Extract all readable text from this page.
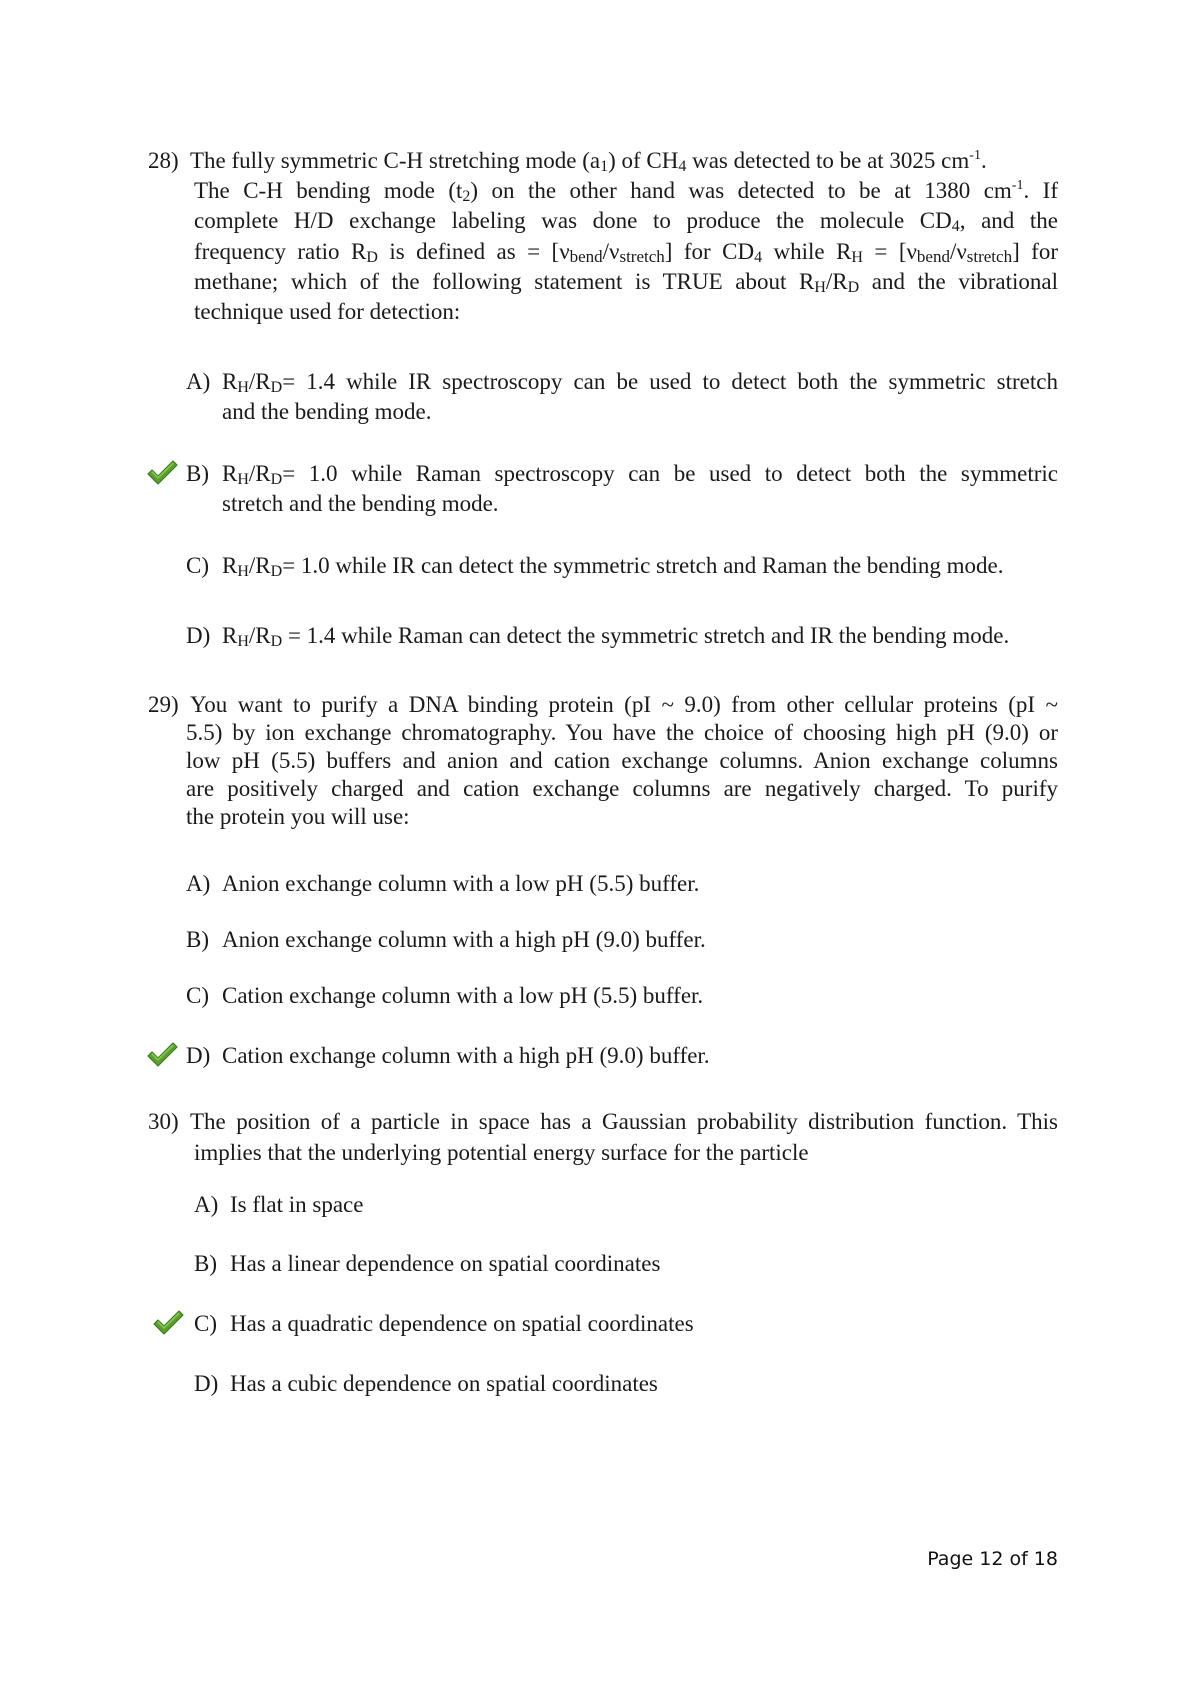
28) The fully symmetric C-H stretching mode $(a_1)$ of $CH_4$ was detected to be at 3025 $cm^{-1}$.
The C-H bending mode $(t_2)$ on the other hand was detected to be at 1380 $cm^{-1}$. If
complete H/D exchange labeling was done to produce the molecule $CD_4$, and the
frequency ratio $R_D$ is defined as = $[\nu_{bend}/\nu_{stretch}]$ for $CD_4$ while $R_H = [\nu_{bend}/\nu_{stretch}]$ for
methane; which of the following statement is TRUE about $R_H/R_D$ and the vibrational
technique used for detection:
A) $R_H/R_D= 1.4$ while IR spectroscopy can be used to detect both the symmetric stretch
and the bending mode.
B) $R_H/R_D= 1.0$ while Raman spectroscopy can be used to detect both the symmetric
stretch and the bending mode.
C) $R_H/R_D= 1.0$ while IR can detect the symmetric stretch and Raman the bending mode.
D) $R_H/R_D = 1.4$ while Raman can detect the symmetric stretch and IR the bending mode.
29) You want to purify a DNA binding protein (pI ~ 9.0) from other cellular proteins (pI ~
5.5) by ion exchange chromatography. You have the choice of choosing high pH (9.0) or
low pH (5.5) buffers and anion and cation exchange columns. Anion exchange columns
are positively charged and cation exchange columns are negatively charged. To purify
the protein you will use:
A) Anion exchange column with a low pH (5.5) buffer.
B) Anion exchange column with a high pH (9.0) buffer.
C) Cation exchange column with a low pH (5.5) buffer.
D) Cation exchange column with a high pH (9.0) buffer.
30) The position of a particle in space has a Gaussian probability distribution function. This
implies that the underlying potential energy surface for the particle
A) Is flat in space
B) Has a linear dependence on spatial coordinates
C) Has a quadratic dependence on spatial coordinates
D) Has a cubic dependence on spatial coordinates
Page 12 of 18
